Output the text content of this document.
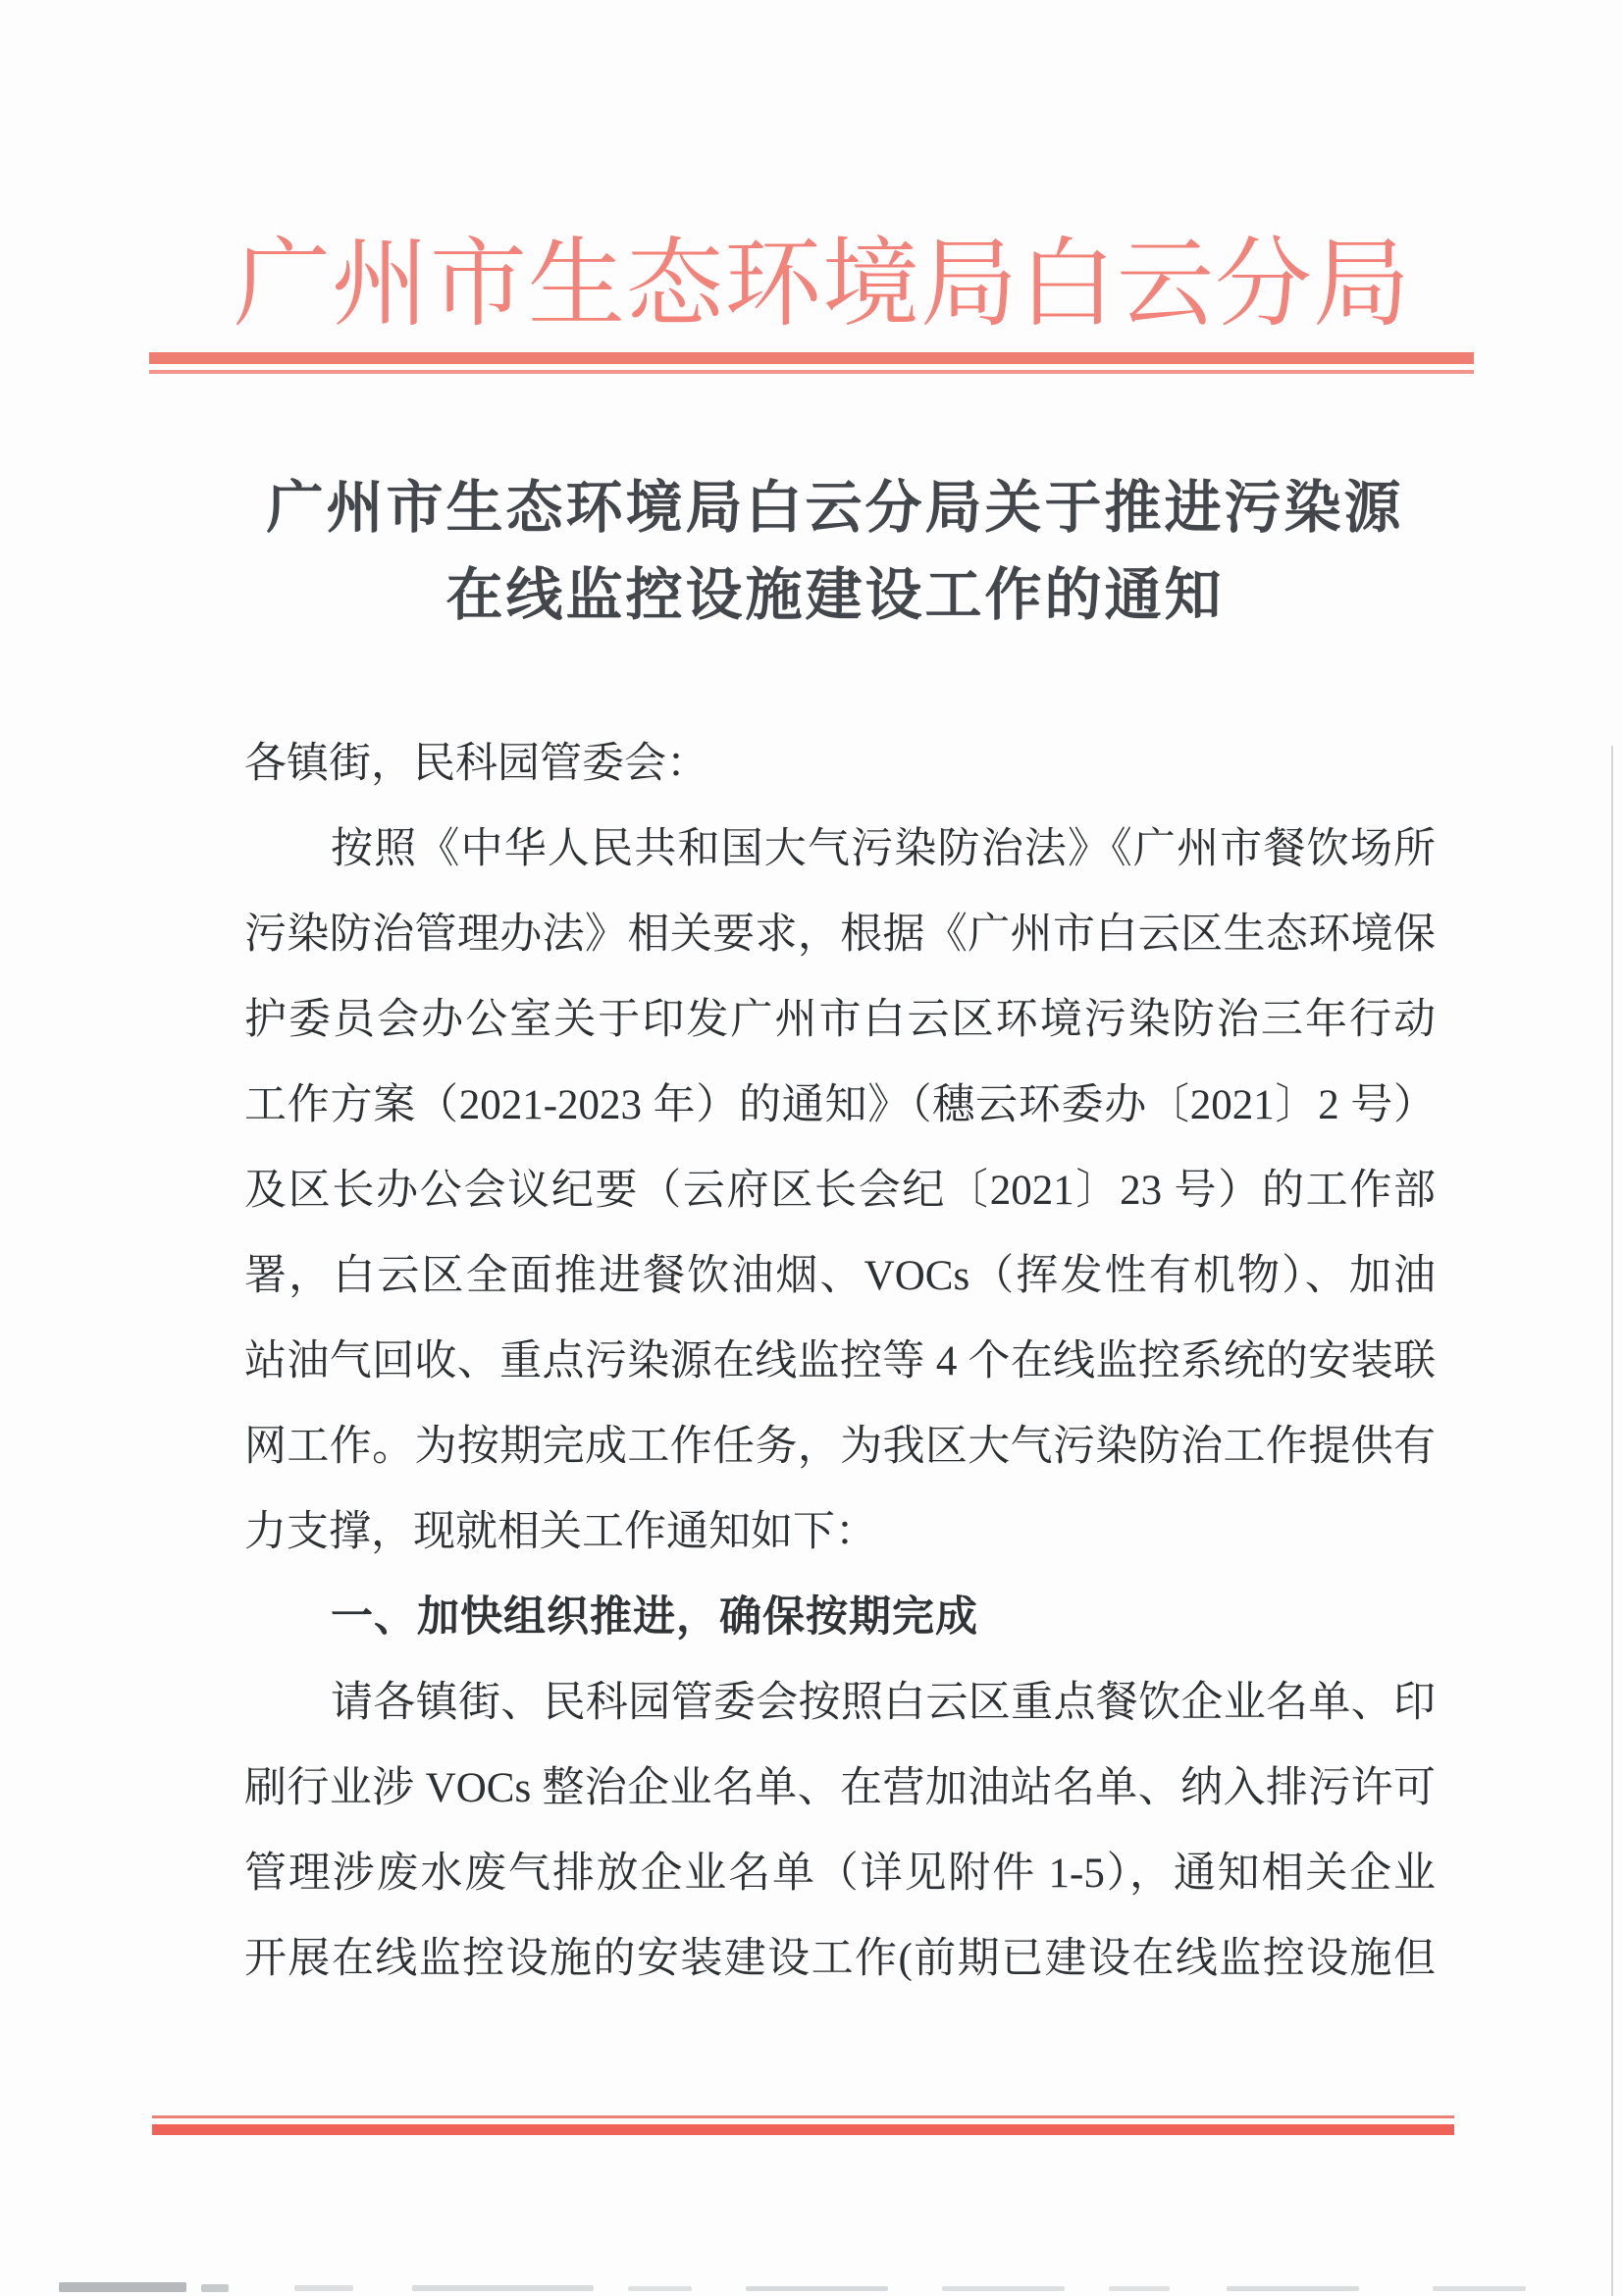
广州市生态环境局白云分局
广州市生态环境局白云分局关于推进污染源
在线监控设施建设工作的通知
各镇街，民科园管委会：
按照《中华人民共和国大气污染防治法》《广州市餐饮场所
污染防治管理办法》相关要求，根据《广州市白云区生态环境保
护委员会办公室关于印发广州市白云区环境污染防治三年行动
工作方案（2021-2023 年）的通知》（穗云环委办〔2021〕2 号）
及区长办公会议纪要（云府区长会纪〔2021〕23 号）的工作部
署，白云区全面推进餐饮油烟、VOCs（挥发性有机物）、加油
站油气回收、重点污染源在线监控等 4 个在线监控系统的安装联
网工作。为按期完成工作任务，为我区大气污染防治工作提供有
力支撑，现就相关工作通知如下：
一、加快组织推进，确保按期完成
请各镇街、民科园管委会按照白云区重点餐饮企业名单、印
刷行业涉 VOCs 整治企业名单、在营加油站名单、纳入排污许可
管理涉废水废气排放企业名单（详见附件 1-5），通知相关企业
开展在线监控设施的安装建设工作(前期已建设在线监控设施但
